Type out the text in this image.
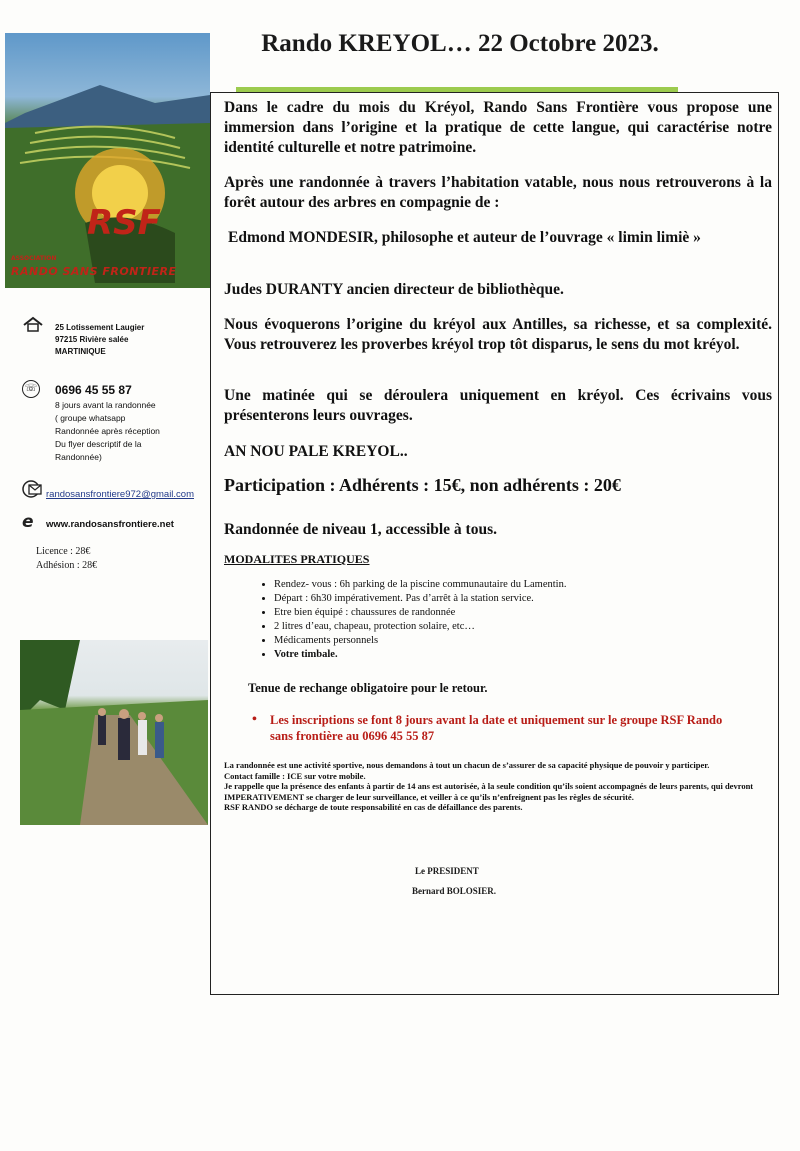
Rando KREYOL… 22 Octobre 2023.
RSF
ASSOCIATION
RANDO SANS FRONTIERE
25 Lotissement Laugier
97215 Rivière salée
MARTINIQUE
☏ 0696 45 55 87
8 jours avant la randonnée
( groupe whatsapp
Randonnée après réception
Du flyer descriptif de la
Randonnée)
randosansfrontiere972@gmail.com
e www.randosansfrontiere.net
Licence : 28€
Adhésion : 28€

Dans le cadre du mois du Kréyol, Rando Sans Frontière vous propose une immersion dans l’origine et la pratique de cette langue, qui caractérise notre identité culturelle et notre patrimoine.

Après une randonnée à travers l’habitation vatable, nous nous retrouverons à la forêt autour des arbres en compagnie de :

Edmond MONDESIR, philosophe et auteur de l’ouvrage « limin limiè »

Judes DURANTY ancien directeur de bibliothèque.

Nous évoquerons l’origine du kréyol aux Antilles, sa richesse, et sa complexité. Vous retrouverez les proverbes kréyol trop tôt disparus, le sens du mot kréyol.

Une matinée qui se déroulera uniquement en kréyol. Ces écrivains vous présenterons leurs ouvrages.

AN NOU PALE KREYOL..

Participation : Adhérents : 15€, non adhérents : 20€

Randonnée de niveau 1, accessible à tous.

MODALITES PRATIQUES

• Rendez- vous : 6h parking de la piscine communautaire du Lamentin.
• Départ : 6h30 impérativement. Pas d’arrêt à la station service.
• Etre bien équipé : chaussures de randonnée
• 2 litres d’eau, chapeau, protection solaire, etc…
• Médicaments personnels
• Votre timbale.

Tenue de rechange obligatoire pour le retour.

•	Les inscriptions se font 8 jours avant la date et uniquement sur le groupe RSF Rando sans frontière au 0696 45 55 87

La randonnée est une activité sportive, nous demandons à tout un chacun de s’assurer de sa capacité physique de pouvoir y participer.

Contact famille : ICE sur votre mobile.

Je rappelle que la présence des enfants à partir de 14 ans est autorisée, à la seule condition qu’ils soient accompagnés de leurs parents, qui devront IMPERATIVEMENT se charger de leur surveillance, et veiller à ce qu’ils n’enfreignent pas les règles de sécurité.

RSF RANDO se décharge de toute responsabilité en cas de défaillance des parents.

Le PRESIDENT
Bernard BOLOSIER.
